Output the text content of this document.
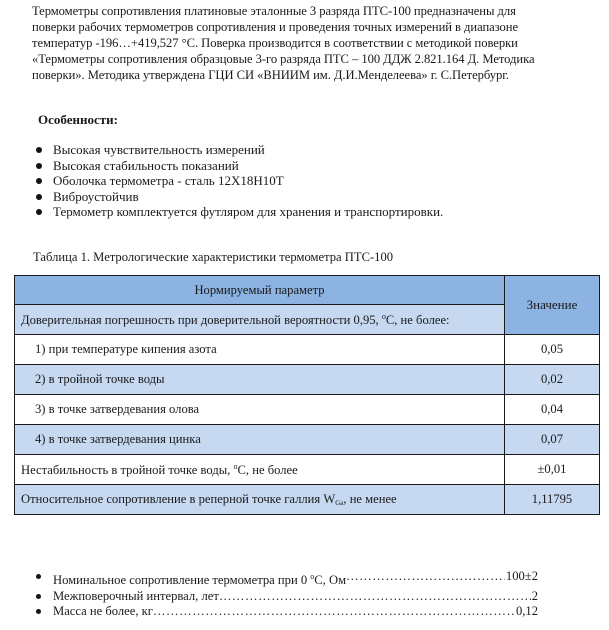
Термометры сопротивления платиновые эталонные 3 разряда ПТС-100 предназначены для
поверки рабочих термометров сопротивления и проведения точных измерений в диапазоне
температур -196…+419,527 °С. Поверка производится в соответствии с методикой поверки
«Термометры сопротивления образцовые 3-го разряда ПТС – 100 ДДЖ 2.821.164 Д. Методика
поверки». Методика утверждена ГЦИ СИ «ВНИИМ им. Д.И.Менделеева» г. С.Петербург.
Особенности:
Высокая чувствительность измерений
Высокая стабильность показаний
Оболочка термометра - сталь 12Х18Н10Т
Виброустойчив
Термометр комплектуется футляром для хранения и транспортировки.
Таблица 1. Метрологические характеристики термометра ПТС-100
Нормируемый параметр	Значение
Доверительная погрешность при доверительной вероятности 0,95, $^o$С, не более:	
1) при температуре кипения азота	0,05
2) в тройной точке воды	0,02
3) в точке затвердевания олова	0,04
4) в точке затвердевания цинка	0,07
Нестабильность в тройной точке воды, $^o$С, не более	±0,01
Относительное сопротивление в реперной точке галлия $W_{Ga}$, не менее	1,11795
Номинальное сопротивление термометра при 0 $^o$С, Ом ……………………………………………………………………………………………………………………	100±2
Межповерочный интервал, лет ……………………………………………………………………………………………………………………	2
Масса не более, кг ……………………………………………………………………………………………………………………	0,12
